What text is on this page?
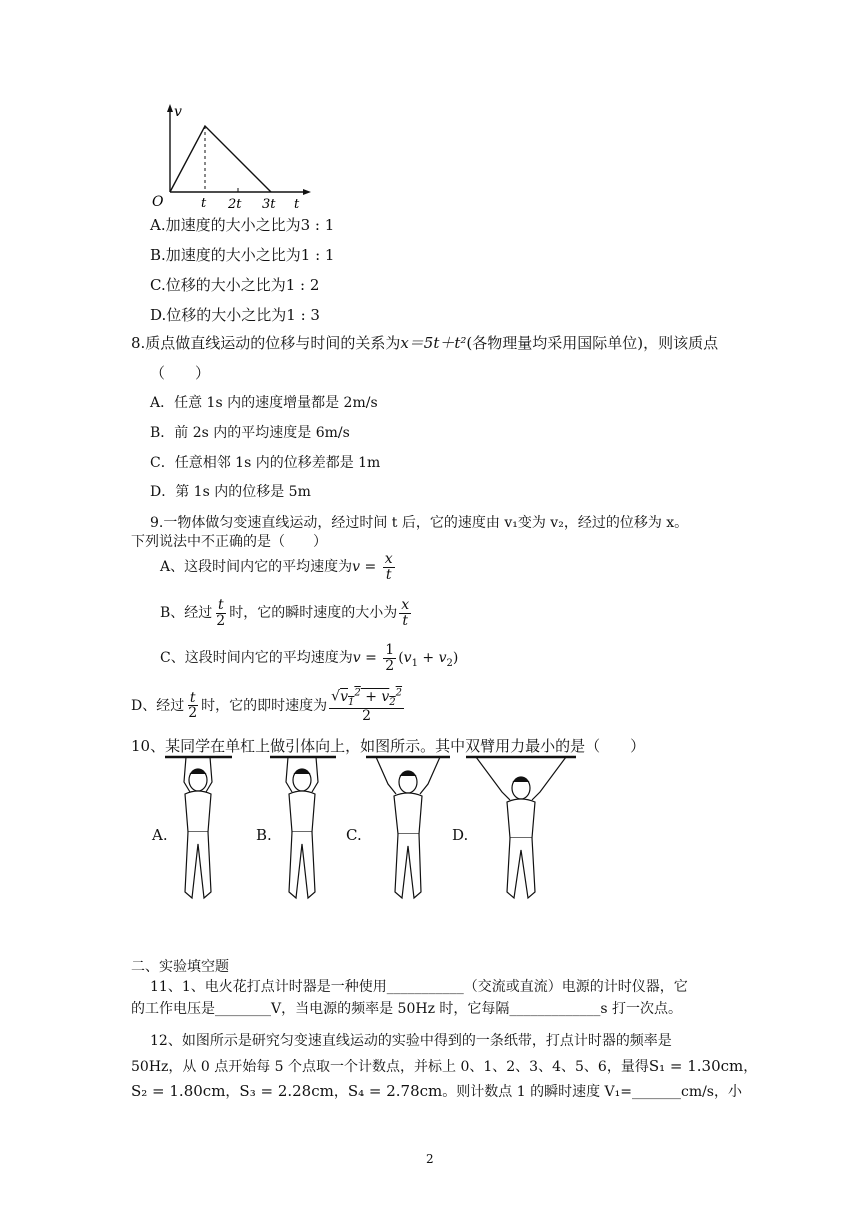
v
O	t 2t 3t t
A.加速度的大小之比为3 : 1
B.加速度的大小之比为1 : 1
C.位移的大小之比为1 : 2
D.位移的大小之比为1 : 3
8.质点做直线运动的位移与时间的关系为x＝5t＋t²(各物理量均采用国际单位)，则该质点
（　　）
A．任意 1s 内的速度增量都是 2m/s
B．前 2s 内的平均速度是 6m/s
C．任意相邻 1s 内的位移差都是 1m
D．第 1s 内的位移是 5m
9.一物体做匀变速直线运动，经过时间 t 后，它的速度由 v₁变为 v₂，经过的位移为 x。
下列说法中不正确的是（　　）
A、这段时间内它的平均速度为$v = \frac{x}{t}$
B、经过 $\frac{t}{2}$ 时，它的瞬时速度的大小为 $\frac{x}{t}$
C、这段时间内它的平均速度为$v = \frac{1}{2} (v_1 + v_2)$
D、经过 $\frac{t}{2}$ 时，它的即时速度为 $\frac{√v_1^2 + v_2^2}{2}$
10、某同学在单杠上做引体向上，如图所示。其中双臂用力最小的是（　　）
A.	B.	C.	D.
二、实验填空题
11、1、电火花打点计时器是一种使用___________（交流或直流）电源的计时仪器，它
的工作电压是________V，当电源的频率是 50Hz 时，它每隔_____________s 打一次点。
12、如图所示是研究匀变速直线运动的实验中得到的一条纸带，打点计时器的频率是
50Hz，从 0 点开始每 5 个点取一个计数点，并标上 0、1、2、3、4、5、6，量得S₁ = 1.30cm，
S₂ = 1.80cm，S₃ = 2.28cm，S₄ = 2.78cm。则计数点 1 的瞬时速度 V₁=_______cm/s，小
2
